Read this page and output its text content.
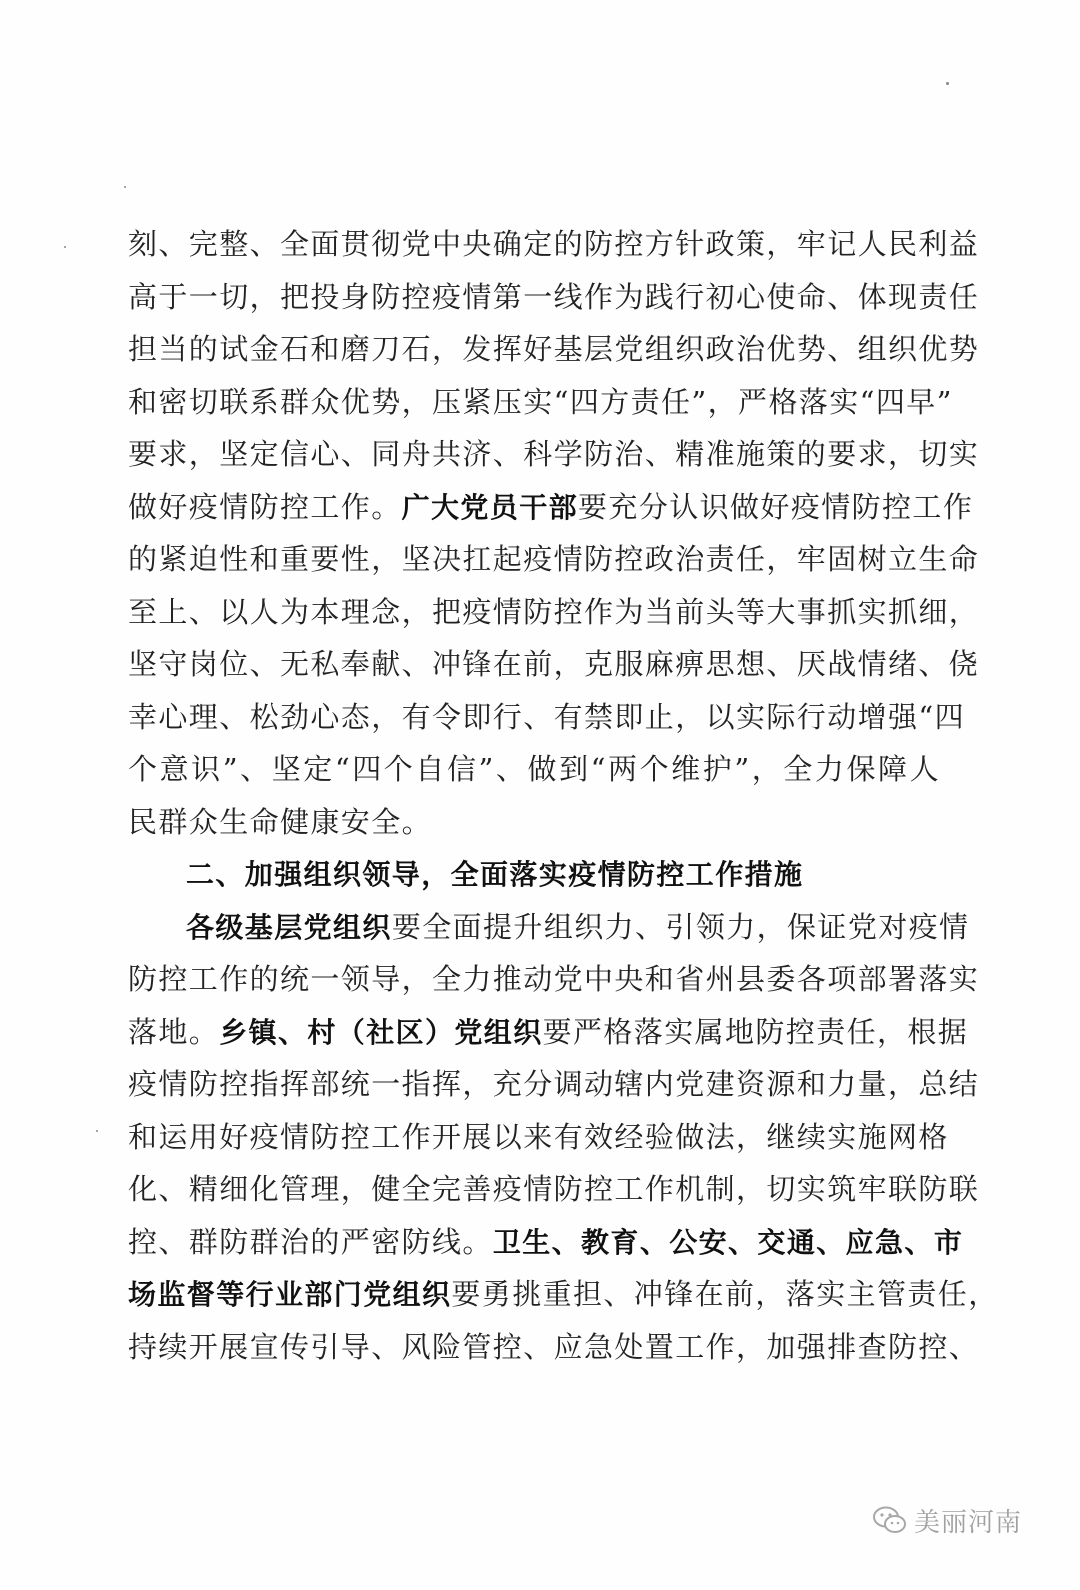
刻、完整、全面贯彻党中央确定的防控方针政策，牢记人民利益
高于一切，把投身防控疫情第一线作为践行初心使命、体现责任
担当的试金石和磨刀石，发挥好基层党组织政治优势、组织优势
和密切联系群众优势，压紧压实“四方责任”，严格落实“四早”
要求，坚定信心、同舟共济、科学防治、精准施策的要求，切实
做好疫情防控工作。广大党员干部要充分认识做好疫情防控工作
的紧迫性和重要性，坚决扛起疫情防控政治责任，牢固树立生命
至上、以人为本理念，把疫情防控作为当前头等大事抓实抓细，
坚守岗位、无私奉献、冲锋在前，克服麻痹思想、厌战情绪、侥
幸心理、松劲心态，有令即行、有禁即止，以实际行动增强“四
个意识”、坚定“四个自信”、做到“两个维护”，全力保障人
民群众生命健康安全。
二、加强组织领导，全面落实疫情防控工作措施
各级基层党组织要全面提升组织力、引领力，保证党对疫情
防控工作的统一领导，全力推动党中央和省州县委各项部署落实
落地。乡镇、村（社区）党组织要严格落实属地防控责任，根据
疫情防控指挥部统一指挥，充分调动辖内党建资源和力量，总结
和运用好疫情防控工作开展以来有效经验做法，继续实施网格
化、精细化管理，健全完善疫情防控工作机制，切实筑牢联防联
控、群防群治的严密防线。卫生、教育、公安、交通、应急、市
场监督等行业部门党组织要勇挑重担、冲锋在前，落实主管责任，
持续开展宣传引导、风险管控、应急处置工作，加强排查防控、
美丽河南
